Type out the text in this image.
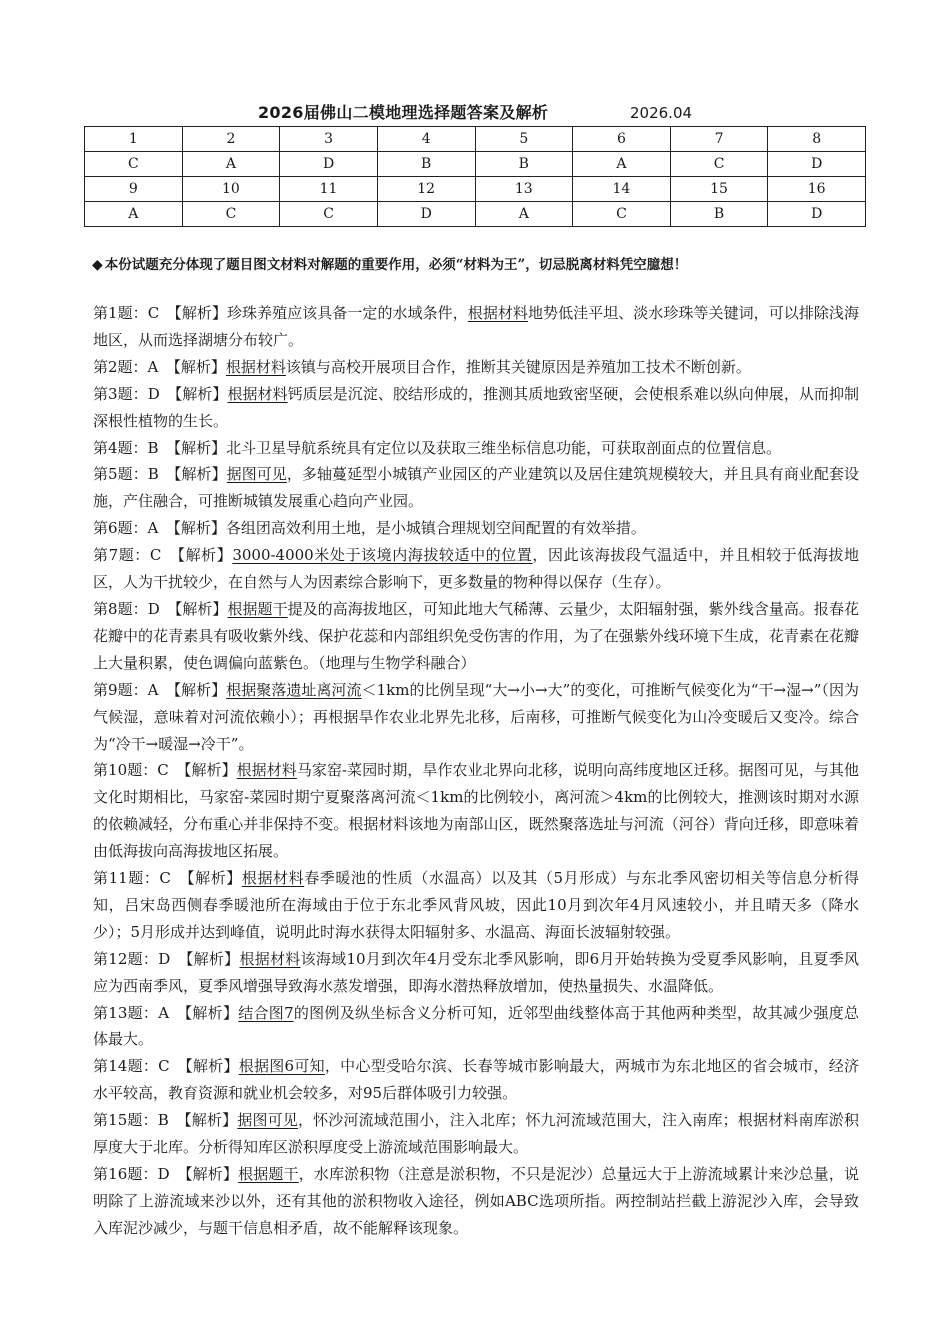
2026届佛山二模地理选择题答案及解析	2026.04
1	2	3	4	5	6	7	8
C	A	D	B	B	A	C	D
9	10	11	12	13	14	15	16
A	C	C	D	A	C	B	D
◆ 本份试题充分体现了题目图文材料对解题的重要作用，必须“材料为王”，切忌脱离材料凭空臆想！

第1题：C　【解析】珍珠养殖应该具备一定的水域条件，根据材料地势低洼平坦、淡水珍珠等关键词，可以排除浅海地区，从而选择湖塘分布较广。

第2题：A　【解析】根据材料该镇与高校开展项目合作，推断其关键原因是养殖加工技术不断创新。

第3题：D　【解析】根据材料钙质层是沉淀、胶结形成的，推测其质地致密坚硬，会使根系难以纵向伸展，从而抑制深根性植物的生长。

第4题：B　【解析】北斗卫星导航系统具有定位以及获取三维坐标信息功能，可获取剖面点的位置信息。

第5题：B　【解析】据图可见，多轴蔓延型小城镇产业园区的产业建筑以及居住建筑规模较大，并且具有商业配套设施，产住融合，可推断城镇发展重心趋向产业园。

第6题：A　【解析】各组团高效利用土地，是小城镇合理规划空间配置的有效举措。

第7题：C　【解析】3000-4000米处于该境内海拔较适中的位置，因此该海拔段气温适中，并且相较于低海拔地区，人为干扰较少，在自然与人为因素综合影响下，更多数量的物种得以保存（生存）。

第8题：D　【解析】根据题干提及的高海拔地区，可知此地大气稀薄、云量少，太阳辐射强，紫外线含量高。报春花花瓣中的花青素具有吸收紫外线、保护花蕊和内部组织免受伤害的作用，为了在强紫外线环境下生成，花青素在花瓣上大量积累，使色调偏向蓝紫色。（地理与生物学科融合）

第9题：A　【解析】根据聚落遗址离河流＜1km的比例呈现“大→小→大”的变化，可推断气候变化为“干→湿→”（因为气候湿，意味着对河流依赖小）；再根据旱作农业北界先北移，后南移，可推断气候变化为山冷变暖后又变冷。综合为“冷干→暖湿→冷干”。

第10题：C　【解析】根据材料马家窑-菜园时期，旱作农业北界向北移，说明向高纬度地区迁移。据图可见，与其他文化时期相比，马家窑-菜园时期宁夏聚落离河流＜1km的比例较小，离河流＞4km的比例较大，推测该时期对水源的依赖减轻，分布重心并非保持不变。根据材料该地为南部山区，既然聚落选址与河流（河谷）背向迁移，即意味着由低海拔向高海拔地区拓展。

第11题：C　【解析】根据材料春季暖池的性质（水温高）以及其（5月形成）与东北季风密切相关等信息分析得知，吕宋岛西侧春季暖池所在海域由于位于东北季风背风坡，因此10月到次年4月风速较小，并且晴天多（降水少）；5月形成并达到峰值，说明此时海水获得太阳辐射多、水温高、海面长波辐射较强。

第12题：D　【解析】根据材料该海域10月到次年4月受东北季风影响，即6月开始转换为受夏季风影响，且夏季风应为西南季风，夏季风增强导致海水蒸发增强，即海水潜热释放增加，使热量损失、水温降低。

第13题：A　【解析】结合图7的图例及纵坐标含义分析可知，近邻型曲线整体高于其他两种类型，故其减少强度总体最大。

第14题：C　【解析】根据图6可知，中心型受哈尔滨、长春等城市影响最大，两城市为东北地区的省会城市，经济水平较高，教育资源和就业机会较多，对95后群体吸引力较强。

第15题：B　【解析】据图可见，怀沙河流域范围小，注入北库；怀九河流域范围大，注入南库；根据材料南库淤积厚度大于北库。分析得知库区淤积厚度受上游流域范围影响最大。

第16题：D　【解析】根据题干，水库淤积物（注意是淤积物，不只是泥沙）总量远大于上游流域累计来沙总量，说明除了上游流域来沙以外，还有其他的淤积物收入途径，例如ABC选项所指。两控制站拦截上游泥沙入库，会导致入库泥沙减少，与题干信息相矛盾，故不能解释该现象。
